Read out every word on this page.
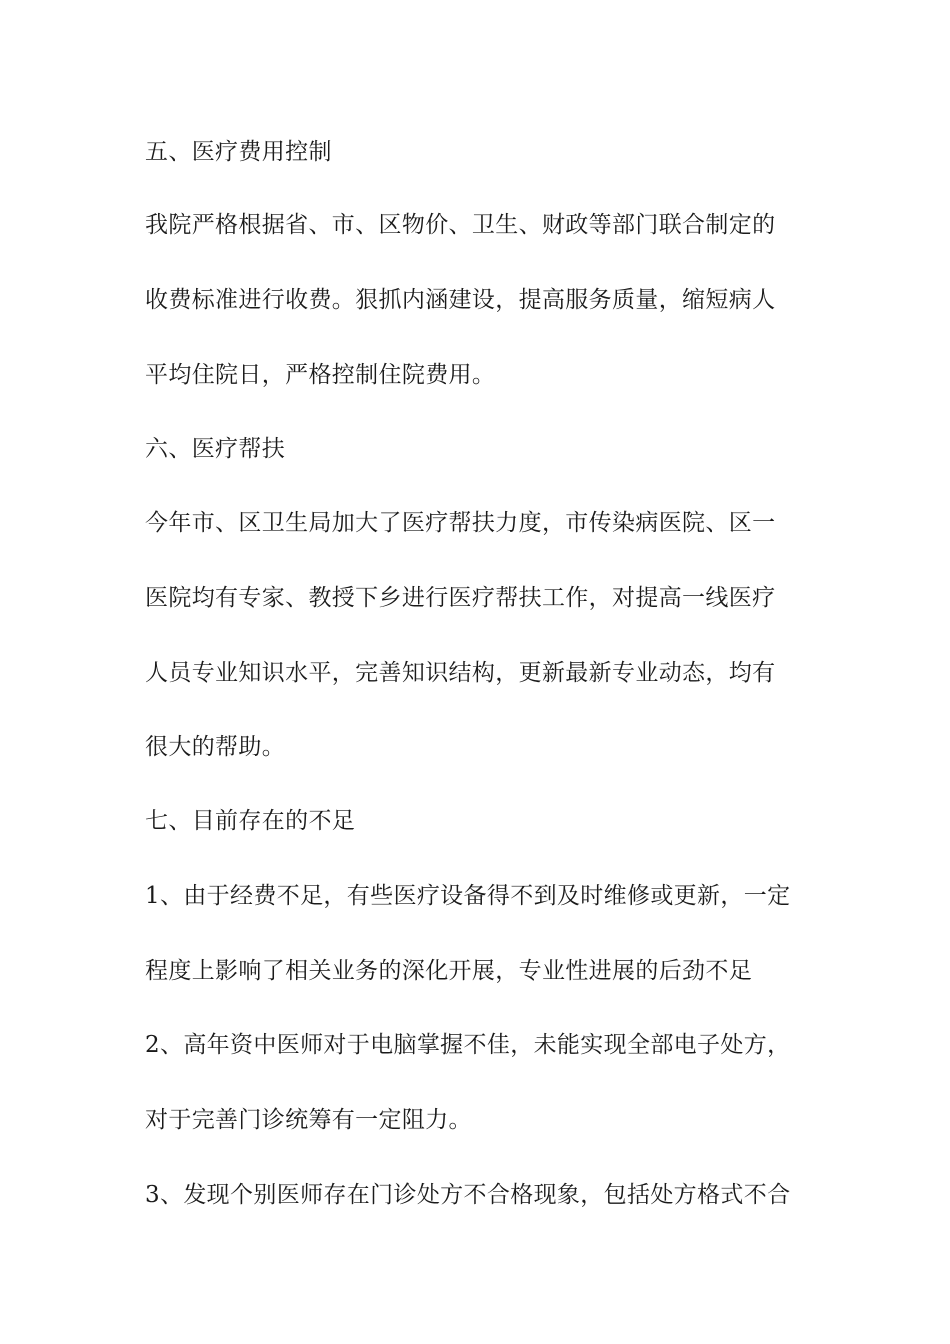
五、医疗费用控制
我院严格根据省、市、区物价、卫生、财政等部门联合制定的
收费标准进行收费。狠抓内涵建设，提高服务质量，缩短病人
平均住院日，严格控制住院费用。
六、医疗帮扶
今年市、区卫生局加大了医疗帮扶力度，市传染病医院、区一
医院均有专家、教授下乡进行医疗帮扶工作，对提高一线医疗
人员专业知识水平，完善知识结构，更新最新专业动态，均有
很大的帮助。
七、目前存在的不足
1、由于经费不足，有些医疗设备得不到及时维修或更新，一定
程度上影响了相关业务的深化开展，专业性进展的后劲不足
2、高年资中医师对于电脑掌握不佳，未能实现全部电子处方，
对于完善门诊统筹有一定阻力。
3、发现个别医师存在门诊处方不合格现象，包括处方格式不合
